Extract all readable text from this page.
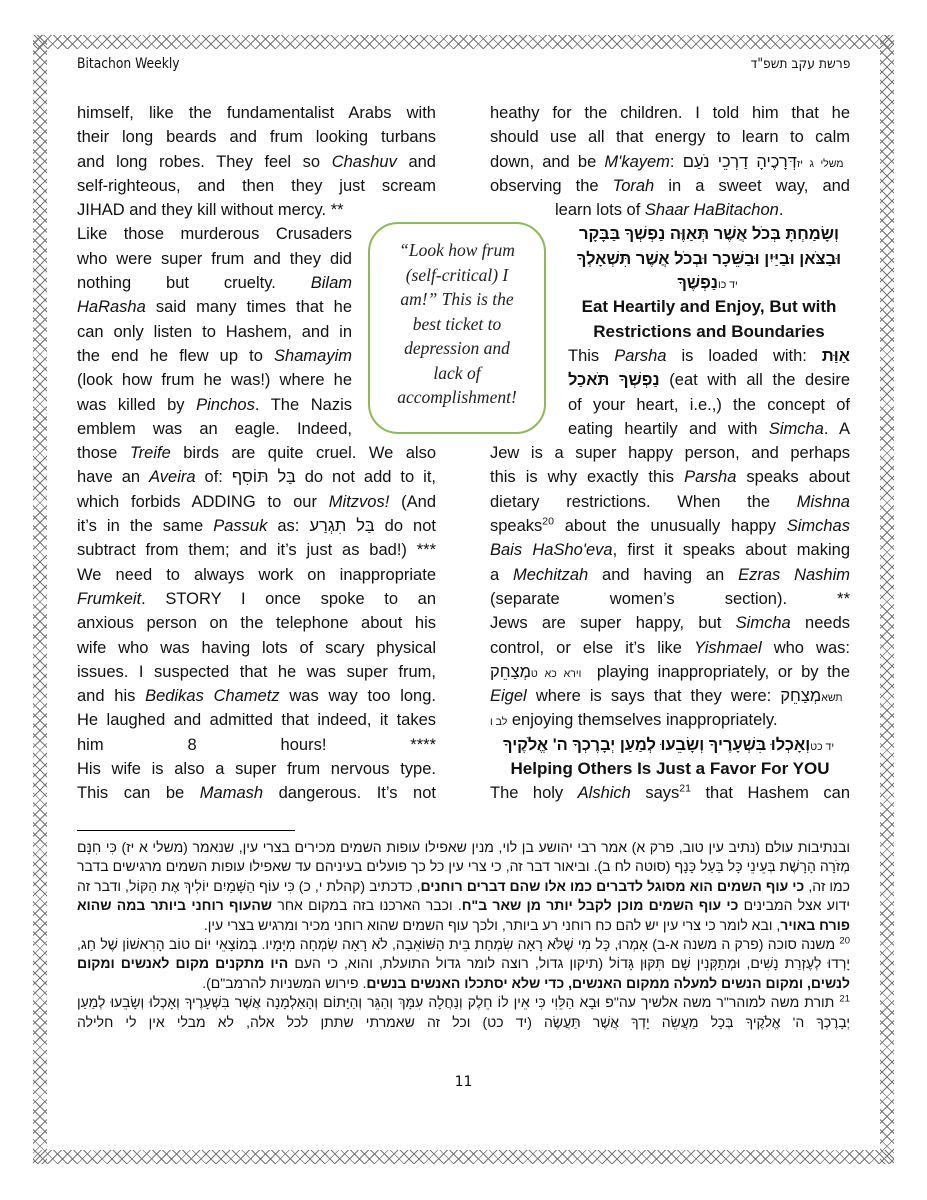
Bitachon Weekly	פרשת עקב תשפ"ד
himself, like the fundamentalist Arabs with
their long beards and frum looking turbans
and long robes. They feel so Chashuv and
self-righteous, and then they just scream
JIHAD and they kill without mercy. **
Like those murderous Crusaders
who were super frum and they did
nothing but cruelty. Bilam
HaRasha said many times that he
can only listen to Hashem, and in
the end he flew up to Shamayim
(look how frum he was!) where he
was killed by Pinchos. The Nazis
emblem was an eagle. Indeed,
those Treife birds are quite cruel. We also
have an Aveira of: בַּל תּוֹסִף do not add to it,
which forbids ADDING to our Mitzvos! (And
it’s in the same Passuk as: בַּל תִגְרַע do not
subtract from them; and it’s just as bad!) ***
We need to always work on inappropriate
Frumkeit. STORY I once spoke to an
anxious person on the telephone about his
wife who was having lots of scary physical
issues. I suspected that he was super frum,
and his Bedikas Chametz was way too long.
He laughed and admitted that indeed, it takes
him 8 hours! ****
His wife is also a super frum nervous type.
This can be Mamash dangerous. It’s not
heathy for the children. I told him that he
should use all that energy to learn to calm
down, and be M'kayem: דְּרָכֶיהָ דַרְכֵי נֹעַם משלי ג יז
observing the Torah in a sweet way, and
learn lots of Shaar HaBitachon.
וְשָׂמַחְתָּ בְּכֹל אֲשֶׁר תְּאַוֶּה נַפְשְׁךָ בַּבָּקָר
וּבַצֹּאן וּבַיַּיִן וּבַשֵּׁכָר וּבְכֹל אֲשֶׁר תִּשְׁאָלְךָ
נַפְשֶׁךָ יד כו
Eat Heartily and Enjoy, But with
Restrictions and Boundaries
This Parsha is loaded with: אַוַּת
נַפְשְׁךָ תֹּאכַל (eat with all the desire
of your heart, i.e.,) the concept of
eating heartily and with Simcha. A
Jew is a super happy person, and perhaps
this is why exactly this Parsha speaks about
dietary restrictions. When the Mishna
speaks$^{20}$ about the unusually happy Simchas
Bais HaSho'eva, first it speaks about making
a Mechitzah and having an Ezras Nashim
(separate women’s section). **
Jews are super happy, but Simcha needs
control, or else it’s like Yishmael who was:
מְצַחֵק וירא כא ט playing inappropriately, or by the
Eigel where is says that they were: מְצַחֵק תשא
לב ו enjoying themselves inappropriately.
וְאָכְלוּ בִּשְׁעָרֶיךָ וְשָׂבֵעוּ לְמַעַן יְבָרֶכְךָ ה' אֱלֹקֶיךָ יד כט
Helping Others Is Just a Favor For YOU
The holy Alshich says$^{21}$ that Hashem can
“Look how frum
(self-critical) I
am!” This is the
best ticket to
depression and
lack of
accomplishment!

ובנתיבות עולם (נתיב עין טוב, פרק א) אמר רבי יהושע בן לוי, מנין שאפילו עופות השמים מכירים בצרי עין, שנאמר (משלי א יז) כִּי חִנָּם מְזֹרָה הָרָשֶׁת בְּעֵינֵי כָּל בַּעַל כָּנָף (סוטה לח ב). וביאור דבר זה, כי צרי עין כל כך פועלים בעיניהם עד שאפילו עופות השמים מרגישים בדבר כמו זה, כי עוף השמים הוא מסוגל לדברים כמו אלו שהם דברים רוחנים, כדכתיב (קהלת י, כ) כִּי עוֹף הַשָּׁמַיִם יוֹלִיךְ אֶת הַקּוֹל, ודבר זה ידוע אצל המבינים כי עוף השמים מוכן לקבל יותר מן שאר ב"ח. וכבר הארכנו בזה במקום אחר שהעוף רוחני ביותר במה שהוא פורח באויר, ובא לומר כי צרי עין יש להם כח רוחני רע ביותר, ולכך עוף השמים שהוא רוחני מכיר ומרגיש בצרי עין.

$^{20}$ משנה סוכה (פרק ה משנה א-ב) אָמְרוּ, כָּל מִי שֶׁלֹּא רָאָה שִׂמְחַת בֵּית הַשּׁוֹאֵבָה, לֹא רָאָה שִׂמְחָה מִיָּמָיו. בְּמוֹצָאֵי יוֹם טוֹב הָרִאשׁוֹן שֶׁל חַג, יָרְדוּ לְעֶזְרַת נָשִׁים, וּמְתַקְּנִין שָׁם תִּקּוּן גָּדוֹל (תיקון גדול, רוצה לומר גדול התועלת, והוא, כי העם היו מתקנים מקום לאנשים ומקום לנשים, ומקום הנשים למעלה ממקום האנשים, כדי שלא יסתכלו האנשים בנשים. פירוש המשניות להרמב"ם).

$^{21}$ תורת משה למוהר"ר משה אלשיך עה"פ וּבָא הַלֵּוִי כִּי אֵין לוֹ חֵלֶק וְנַחֲלָה עִמָּךְ וְהַגֵּר וְהַיָּתוֹם וְהָאַלְמָנָה אֲשֶׁר בִּשְׁעָרֶיךָ וְאָכְלוּ וְשָׂבֵעוּ לְמַעַן יְבָרֶכְךָ ה' אֱלֹקֶיךָ בְּכָל מַעֲשֵׂה יָדְךָ אֲשֶׁר תַּעֲשֶׂה (יד כט) וכל זה שאמרתי שתתן לכל אלה, לא מבלי אין לי חלילה

11
